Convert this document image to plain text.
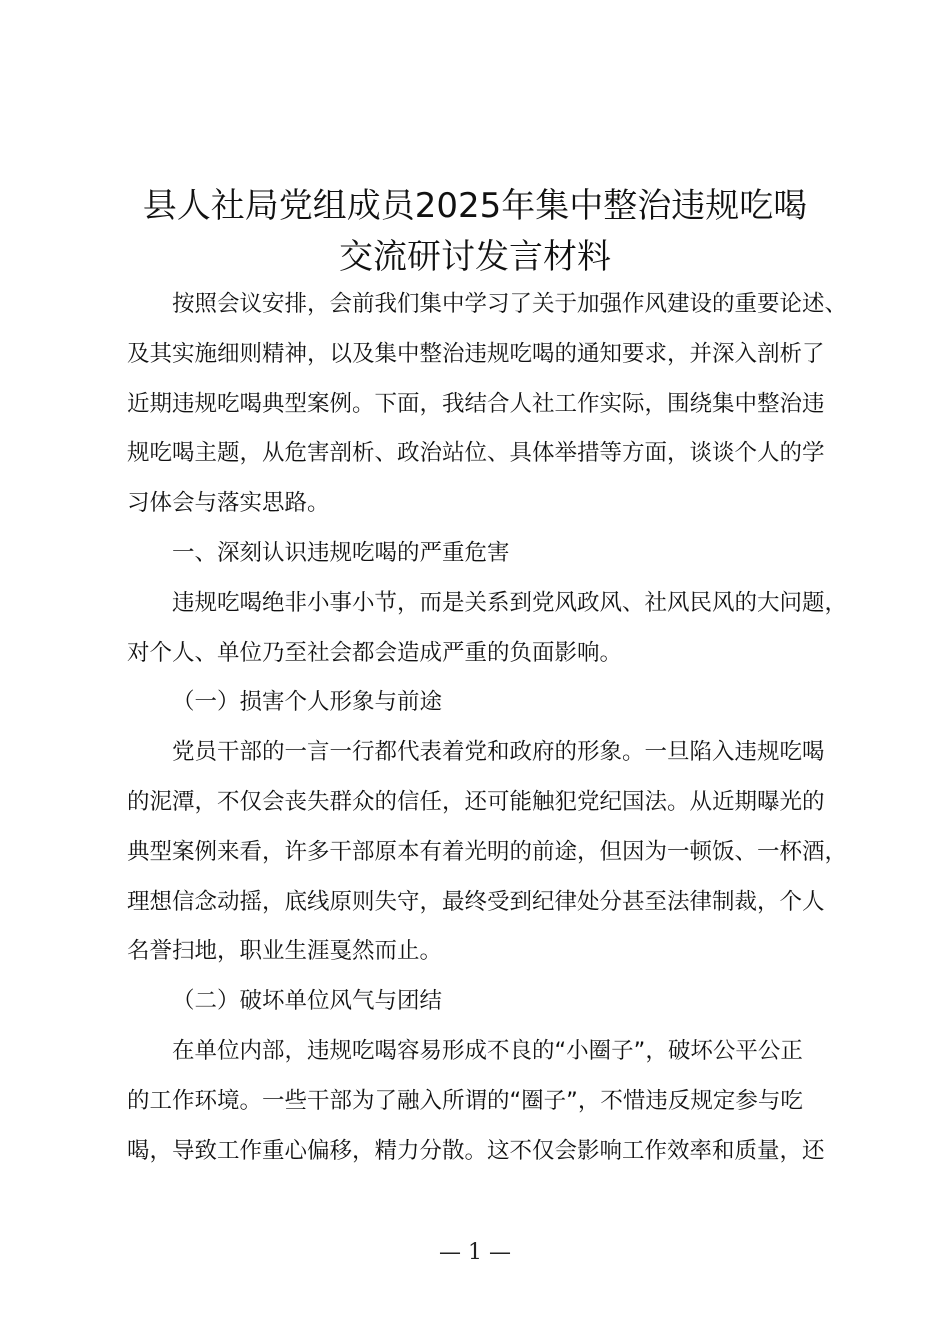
县人社局党组成员2025年集中整治违规吃喝
交流研讨发言材料
按照会议安排，会前我们集中学习了关于加强作风建设的重要论述、
及其实施细则精神，以及集中整治违规吃喝的通知要求，并深入剖析了
近期违规吃喝典型案例。下面，我结合人社工作实际，围绕集中整治违
规吃喝主题，从危害剖析、政治站位、具体举措等方面，谈谈个人的学
习体会与落实思路。
一、深刻认识违规吃喝的严重危害
违规吃喝绝非小事小节，而是关系到党风政风、社风民风的大问题，
对个人、单位乃至社会都会造成严重的负面影响。
（一）损害个人形象与前途
党员干部的一言一行都代表着党和政府的形象。一旦陷入违规吃喝
的泥潭，不仅会丧失群众的信任，还可能触犯党纪国法。从近期曝光的
典型案例来看，许多干部原本有着光明的前途，但因为一顿饭、一杯酒，
理想信念动摇，底线原则失守，最终受到纪律处分甚至法律制裁，个人
名誉扫地，职业生涯戛然而止。
（二）破坏单位风气与团结
在单位内部，违规吃喝容易形成不良的“小圈子”，破坏公平公正
的工作环境。一些干部为了融入所谓的“圈子”，不惜违反规定参与吃
喝，导致工作重心偏移，精力分散。这不仅会影响工作效率和质量，还
— 1 —
